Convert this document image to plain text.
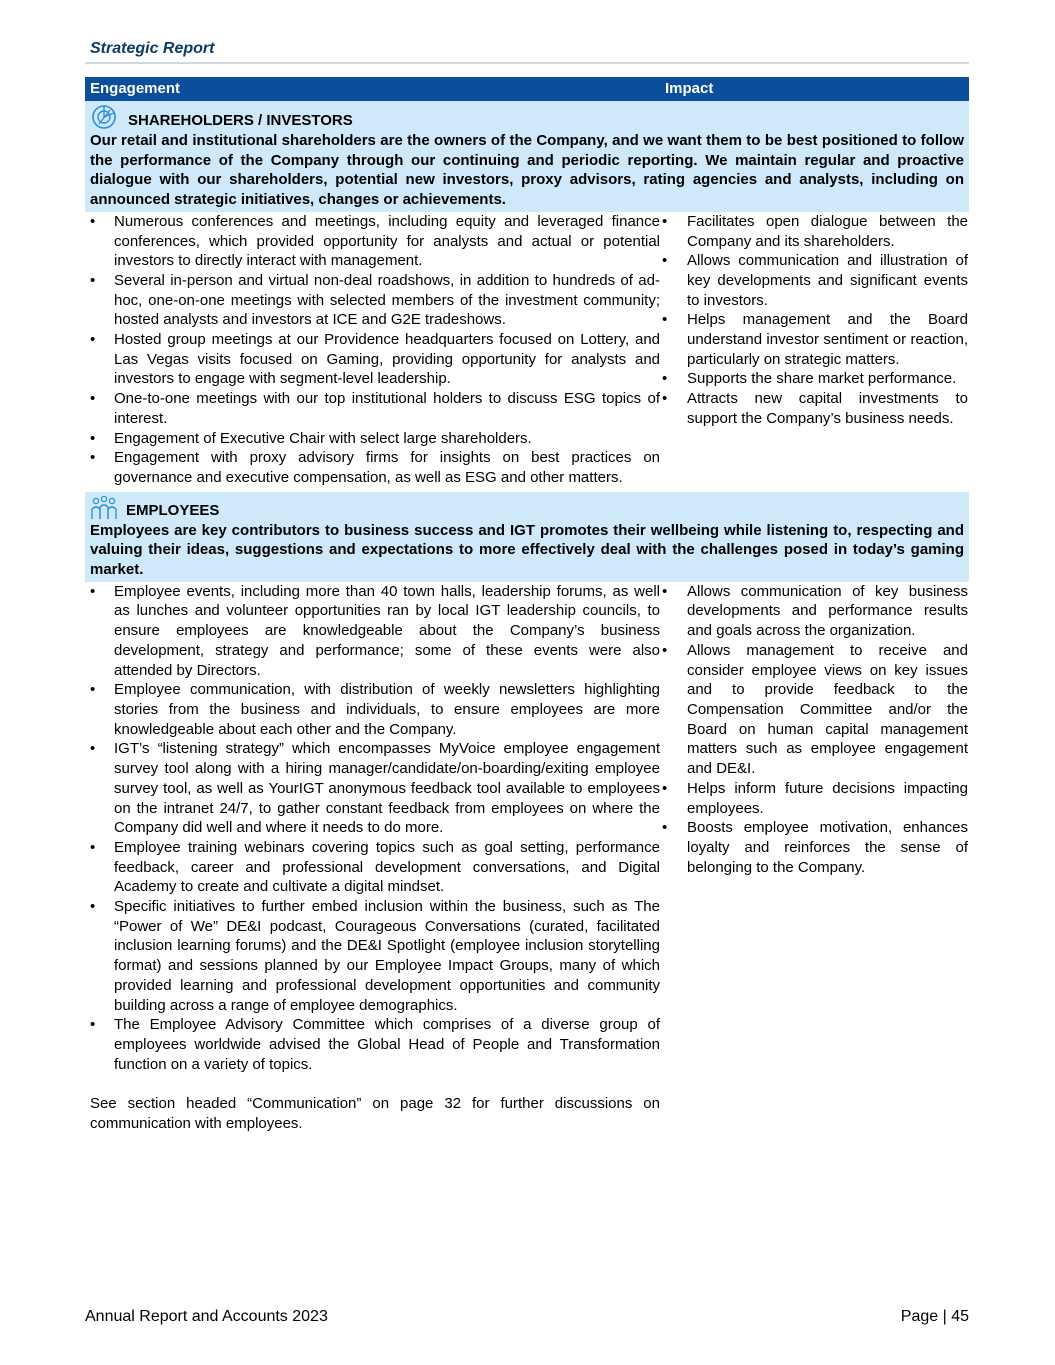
Strategic Report
Engagement	Impact
SHAREHOLDERS / INVESTORS
Our retail and institutional shareholders are the owners of the Company, and we want them to be best positioned to follow the performance of the Company through our continuing and periodic reporting. We maintain regular and proactive dialogue with our shareholders, potential new investors, proxy advisors, rating agencies and analysts, including on announced strategic initiatives, changes or achievements.
• Numerous conferences and meetings, including equity and leveraged finance conferences, which provided opportunity for analysts and actual or potential investors to directly interact with management.
• Several in-person and virtual non-deal roadshows, in addition to hundreds of ad-hoc, one-on-one meetings with selected members of the investment community; hosted analysts and investors at ICE and G2E tradeshows.
• Hosted group meetings at our Providence headquarters focused on Lottery, and Las Vegas visits focused on Gaming, providing opportunity for analysts and investors to engage with segment-level leadership.
• One-to-one meetings with our top institutional holders to discuss ESG topics of interest.
• Engagement of Executive Chair with select large shareholders.
• Engagement with proxy advisory firms for insights on best practices on governance and executive compensation, as well as ESG and other matters.
• Facilitates open dialogue between the Company and its shareholders.
• Allows communication and illustration of key developments and significant events to investors.
• Helps management and the Board understand investor sentiment or reaction, particularly on strategic matters.
• Supports the share market performance.
• Attracts new capital investments to support the Company’s business needs.
EMPLOYEES
Employees are key contributors to business success and IGT promotes their wellbeing while listening to, respecting and valuing their ideas, suggestions and expectations to more effectively deal with the challenges posed in today’s gaming market.
• Employee events, including more than 40 town halls, leadership forums, as well as lunches and volunteer opportunities ran by local IGT leadership councils, to ensure employees are knowledgeable about the Company’s business development, strategy and performance; some of these events were also attended by Directors.
• Employee communication, with distribution of weekly newsletters highlighting stories from the business and individuals, to ensure employees are more knowledgeable about each other and the Company.
• IGT’s “listening strategy” which encompasses MyVoice employee engagement survey tool along with a hiring manager/candidate/on-boarding/exiting employee survey tool, as well as YourIGT anonymous feedback tool available to employees on the intranet 24/7, to gather constant feedback from employees on where the Company did well and where it needs to do more.
• Employee training webinars covering topics such as goal setting, performance feedback, career and professional development conversations, and Digital Academy to create and cultivate a digital mindset.
• Specific initiatives to further embed inclusion within the business, such as The “Power of We” DE&I podcast, Courageous Conversations (curated, facilitated inclusion learning forums) and the DE&I Spotlight (employee inclusion storytelling format) and sessions planned by our Employee Impact Groups, many of which provided learning and professional development opportunities and community building across a range of employee demographics.
• The Employee Advisory Committee which comprises of a diverse group of employees worldwide advised the Global Head of People and Transformation function on a variety of topics.
See section headed “Communication” on page 32 for further discussions on communication with employees.
• Allows communication of key business developments and performance results and goals across the organization.
• Allows management to receive and consider employee views on key issues and to provide feedback to the Compensation Committee and/or the Board on human capital management matters such as employee engagement and DE&I.
• Helps inform future decisions impacting employees.
• Boosts employee motivation, enhances loyalty and reinforces the sense of belonging to the Company.
Annual Report and Accounts 2023	Page | 45
